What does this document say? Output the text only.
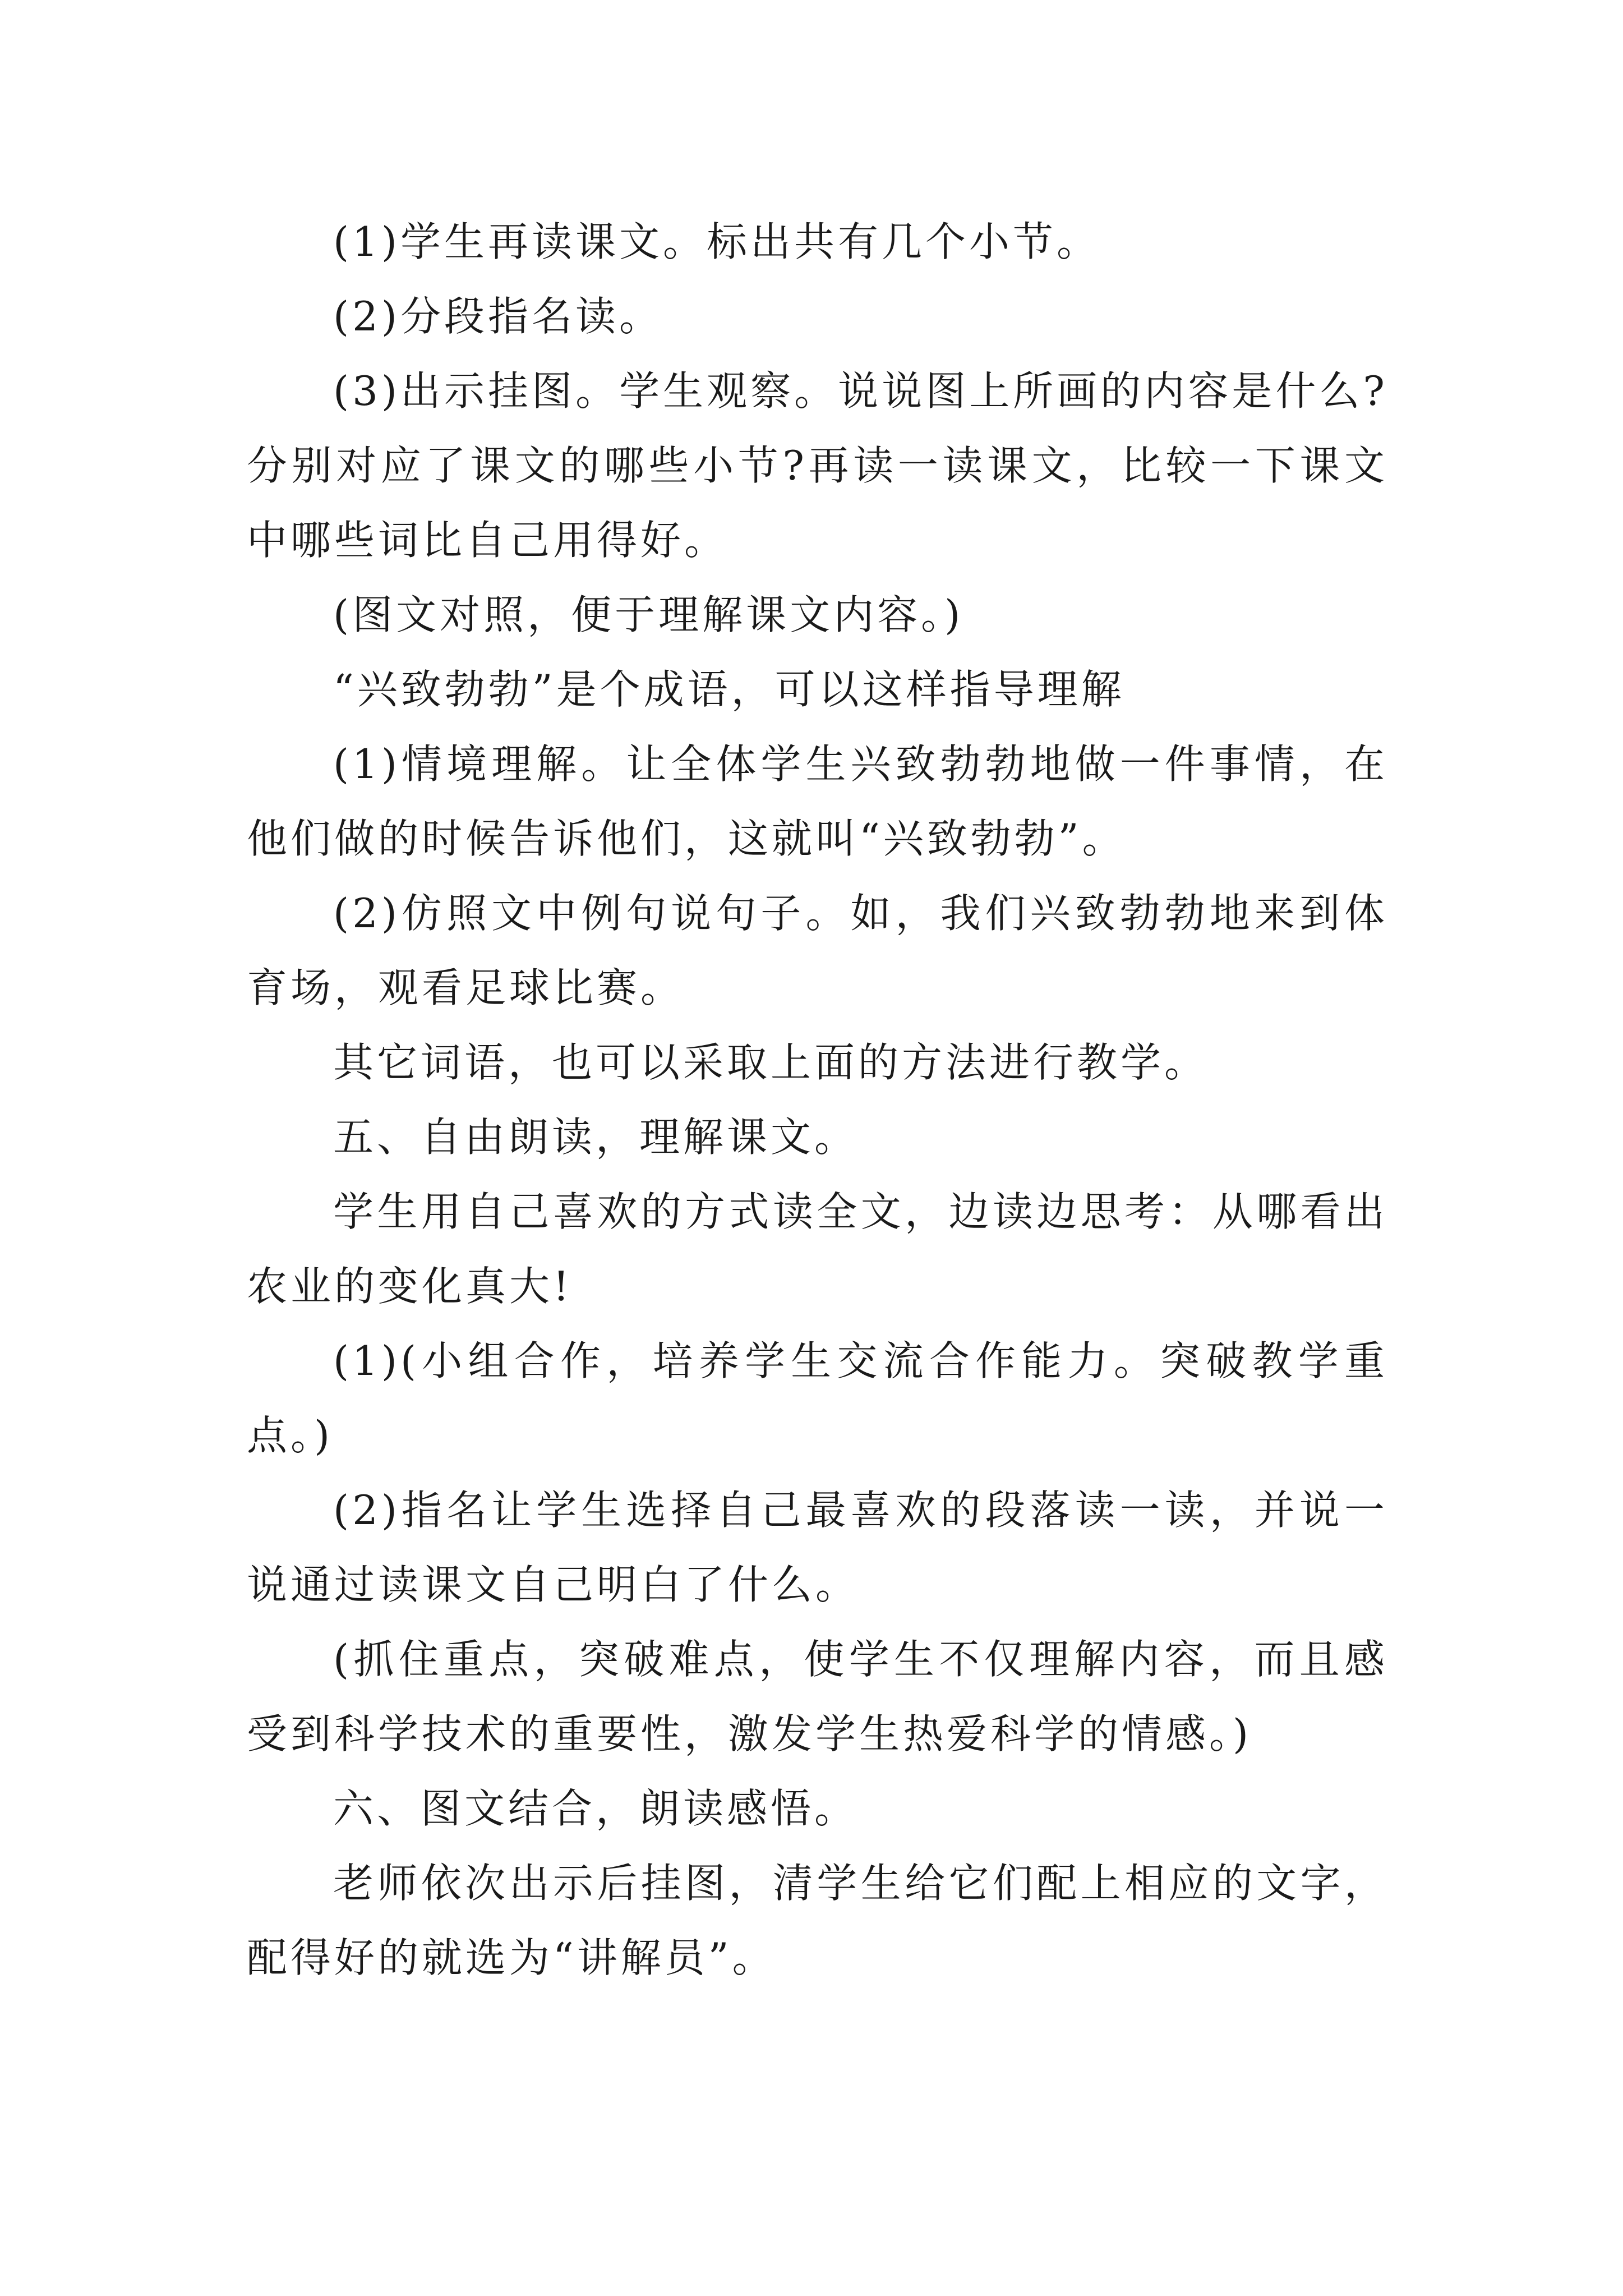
(1)学生再读课文。标出共有几个小节。

(2)分段指名读。

(3)出示挂图。学生观察。说说图上所画的内容是什么?分别对应了课文的哪些小节?再读一读课文，比较一下课文中哪些词比自己用得好。

(图文对照，便于理解课文内容。)

“兴致勃勃”是个成语，可以这样指导理解

(1)情境理解。让全体学生兴致勃勃地做一件事情，在他们做的时候告诉他们，这就叫“兴致勃勃”。

(2)仿照文中例句说句子。如，我们兴致勃勃地来到体育场，观看足球比赛。

其它词语，也可以采取上面的方法进行教学。

五、自由朗读，理解课文。

学生用自己喜欢的方式读全文，边读边思考：从哪看出农业的变化真大!

(1)(小组合作，培养学生交流合作能力。突破教学重点。)

(2)指名让学生选择自己最喜欢的段落读一读，并说一说通过读课文自己明白了什么。

(抓住重点，突破难点，使学生不仅理解内容，而且感受到科学技术的重要性，激发学生热爱科学的情感。)

六、图文结合，朗读感悟。

老师依次出示后挂图，清学生给它们配上相应的文字，配得好的就选为“讲解员”。
